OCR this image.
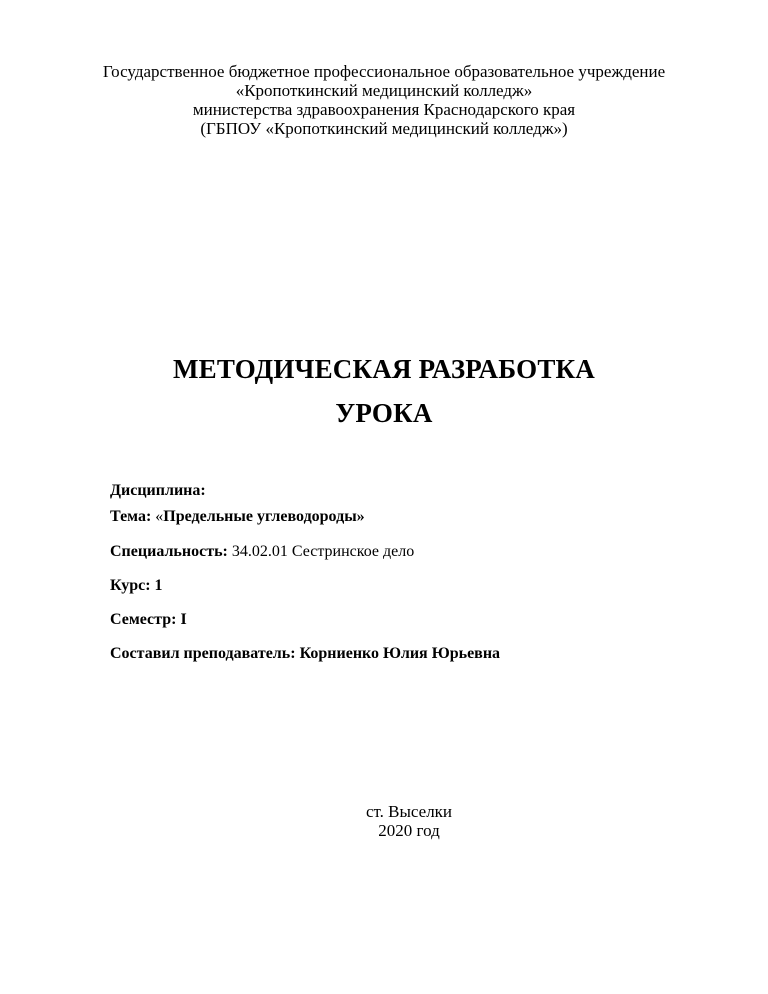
Государственное бюджетное профессиональное образовательное учреждение
«Кропоткинский медицинский колледж»
министерства здравоохранения Краснодарского края
(ГБПОУ «Кропоткинский медицинский колледж»)
МЕТОДИЧЕСКАЯ РАЗРАБОТКА
УРОКА
Дисциплина:
Тема: «Предельные углеводороды»
Специальность: 34.02.01 Сестринское дело
Курс: 1
Семестр: I
Составил преподаватель: Корниенко Юлия Юрьевна
ст. Выселки
2020 год
